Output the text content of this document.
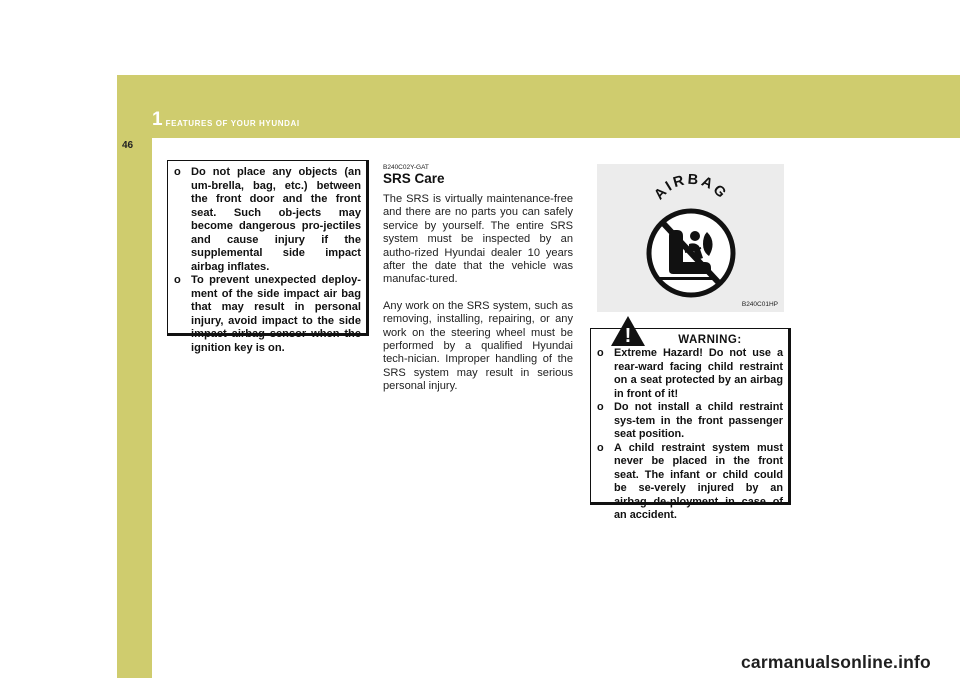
1 FEATURES OF YOUR HYUNDAI
46
o Do not place any objects (an um-brella, bag, etc.) between the front door and the front seat. Such ob-jects may become dangerous pro-jectiles and cause injury if the supplemental side impact airbag inflates.
o To prevent unexpected deploy-ment of the side impact air bag that may result in personal injury, avoid impact to the side impact airbag sensor when the ignition key is on.
B240C02Y-GAT
SRS Care

The SRS is virtually maintenance-free and there are no parts you can safely service by yourself. The entire SRS system must be inspected by an autho-rized Hyundai dealer 10 years after the date that the vehicle was manufac-tured.

Any work on the SRS system, such as removing, installing, repairing, or any work on the steering wheel must be performed by a qualified Hyundai tech-nician. Improper handling of the SRS system may result in serious personal injury.

AIRBAG
B240C01HP
!	WARNING:
o Extreme Hazard! Do not use a rear-ward facing child restraint on a seat protected by an airbag in front of it!
o Do not install a child restraint sys-tem in the front passenger seat position.
o A child restraint system must never be placed in the front seat. The infant or child could be se-verely injured by an airbag de-ployment in case of an accident.
carmanualsonline.info
